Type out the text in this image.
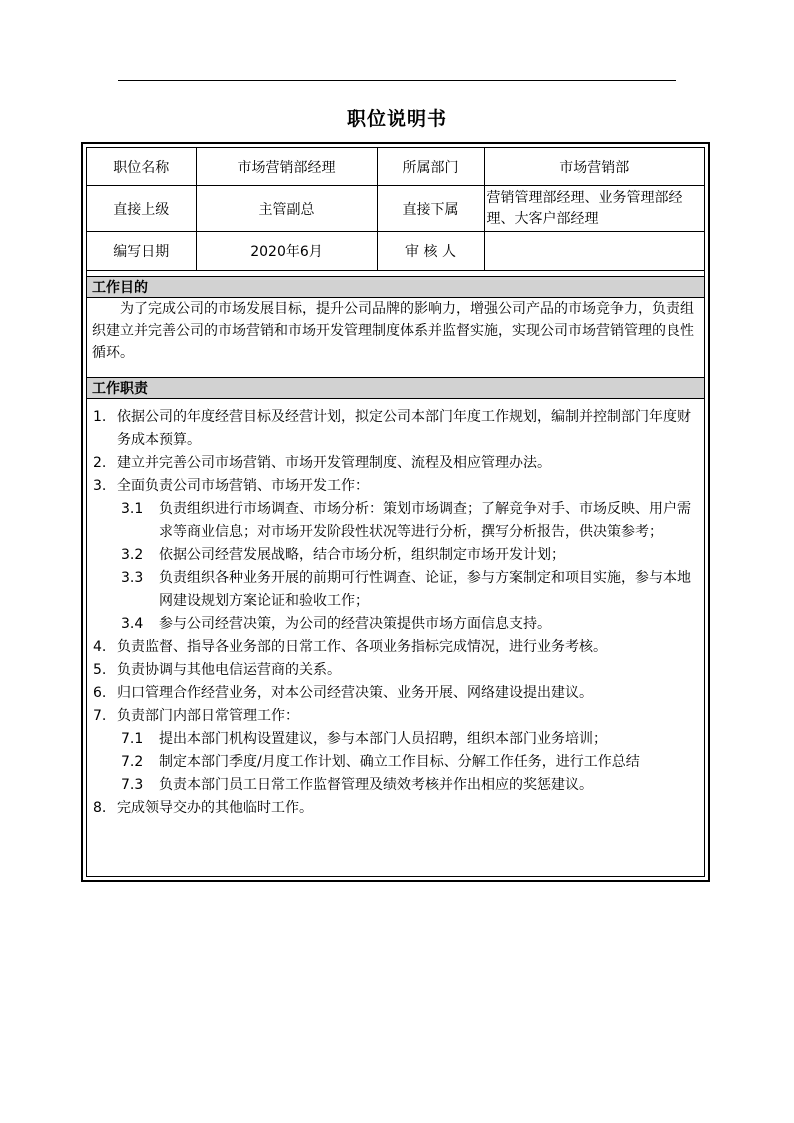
职位说明书
职位名称	市场营销部经理	所属部门	市场营销部
直接上级	主管副总	直接下属	营销管理部经理、业务管理部经理、大客户部经理
编写日期	2020年6月	审 核 人	
工作目的
为了完成公司的市场发展目标，提升公司品牌的影响力，增强公司产品的市场竞争力，负责组织建立并完善公司的市场营销和市场开发管理制度体系并监督实施，实现公司市场营销管理的良性循环。
工作职责
1. 依据公司的年度经营目标及经营计划，拟定公司本部门年度工作规划，编制并控制部门年度财务成本预算。
2. 建立并完善公司市场营销、市场开发管理制度、流程及相应管理办法。
3. 全面负责公司市场营销、市场开发工作：
3.1 负责组织进行市场调查、市场分析：策划市场调查；了解竞争对手、市场反映、用户需求等商业信息；对市场开发阶段性状况等进行分析，撰写分析报告，供决策参考；
3.2 依据公司经营发展战略，结合市场分析，组织制定市场开发计划；
3.3 负责组织各种业务开展的前期可行性调查、论证，参与方案制定和项目实施，参与本地网建设规划方案论证和验收工作；
3.4 参与公司经营决策，为公司的经营决策提供市场方面信息支持。
4. 负责监督、指导各业务部的日常工作、各项业务指标完成情况，进行业务考核。
5. 负责协调与其他电信运营商的关系。
6. 归口管理合作经营业务，对本公司经营决策、业务开展、网络建设提出建议。
7. 负责部门内部日常管理工作：
7.1 提出本部门机构设置建议，参与本部门人员招聘，组织本部门业务培训；
7.2 制定本部门季度/月度工作计划、确立工作目标、分解工作任务，进行工作总结
7.3 负责本部门员工日常工作监督管理及绩效考核并作出相应的奖惩建议。
8. 完成领导交办的其他临时工作。
